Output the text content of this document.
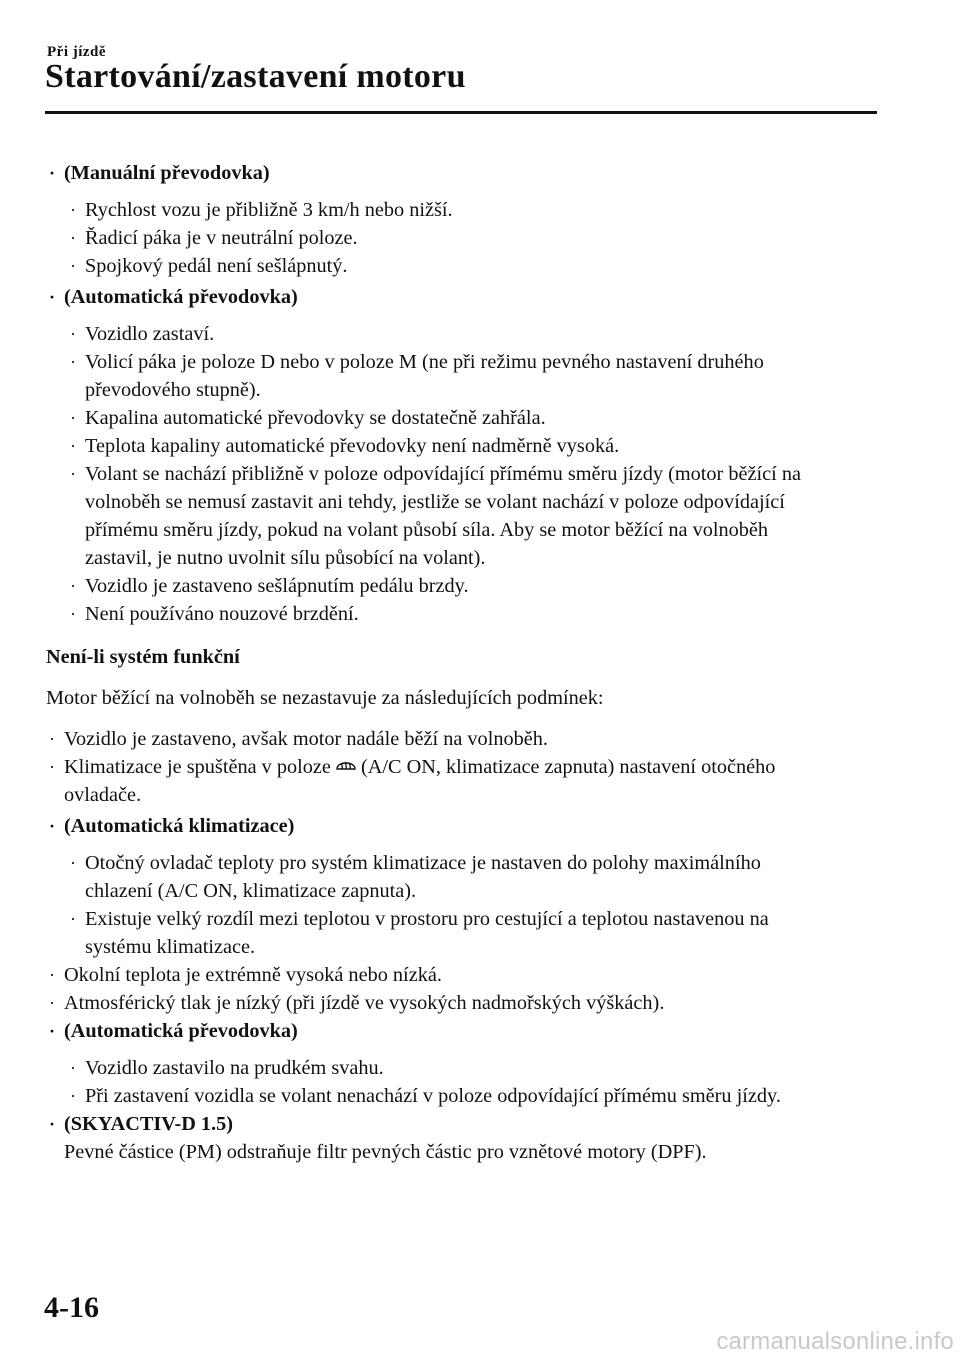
Při jízdě
Startování/zastavení motoru
· (Manuální převodovka)
· Rychlost vozu je přibližně 3 km/h nebo nižší.
· Řadicí páka je v neutrální poloze.
· Spojkový pedál není sešlápnutý.
· (Automatická převodovka)
· Vozidlo zastaví.
· Volicí páka je poloze D nebo v poloze M (ne při režimu pevného nastavení druhého
převodového stupně).
· Kapalina automatické převodovky se dostatečně zahřála.
· Teplota kapaliny automatické převodovky není nadměrně vysoká.
· Volant se nachází přibližně v poloze odpovídající přímému směru jízdy (motor běžící na
volnoběh se nemusí zastavit ani tehdy, jestliže se volant nachází v poloze odpovídající
přímému směru jízdy, pokud na volant působí síla. Aby se motor běžící na volnoběh
zastavil, je nutno uvolnit sílu působící na volant).
· Vozidlo je zastaveno sešlápnutím pedálu brzdy.
· Není používáno nouzové brzdění.
Není-li systém funkční
Motor běžící na volnoběh se nezastavuje za následujících podmínek:
· Vozidlo je zastaveno, avšak motor nadále běží na volnoběh.
· Klimatizace je spuštěna v poloze (A/C ON, klimatizace zapnuta) nastavení otočného
ovladače.
· (Automatická klimatizace)
· Otočný ovladač teploty pro systém klimatizace je nastaven do polohy maximálního
chlazení (A/C ON, klimatizace zapnuta).
· Existuje velký rozdíl mezi teplotou v prostoru pro cestující a teplotou nastavenou na
systému klimatizace.
· Okolní teplota je extrémně vysoká nebo nízká.
· Atmosférický tlak je nízký (při jízdě ve vysokých nadmořských výškách).
· (Automatická převodovka)
· Vozidlo zastavilo na prudkém svahu.
· Při zastavení vozidla se volant nenachází v poloze odpovídající přímému směru jízdy.
· (SKYACTIV-D 1.5)
Pevné částice (PM) odstraňuje filtr pevných částic pro vznětové motory (DPF).
4-16
carmanualsonline.info
